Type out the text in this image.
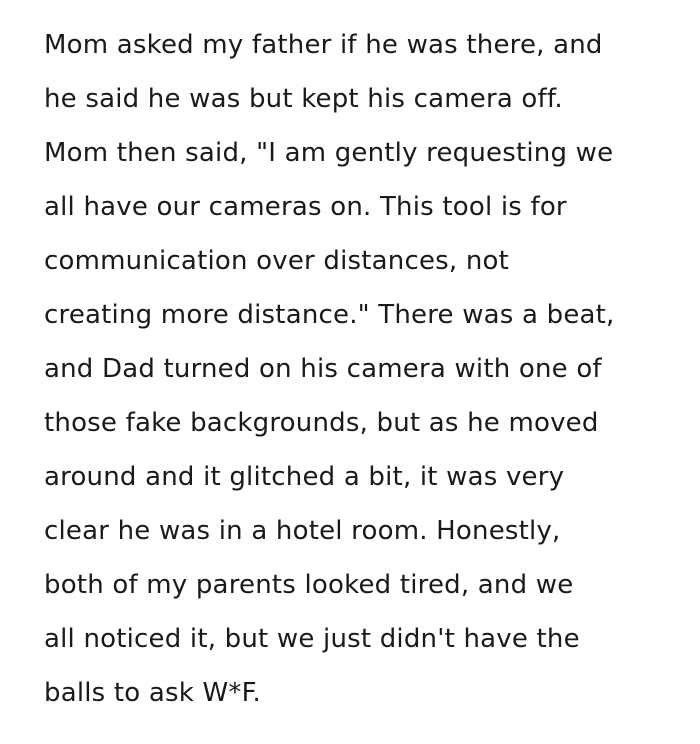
Mom asked my father if he was there, and
he said he was but kept his camera off.
Mom then said, "I am gently requesting we
all have our cameras on. This tool is for
communication over distances, not
creating more distance." There was a beat,
and Dad turned on his camera with one of
those fake backgrounds, but as he moved
around and it glitched a bit, it was very
clear he was in a hotel room. Honestly,
both of my parents looked tired, and we
all noticed it, but we just didn't have the
balls to ask W*F.
